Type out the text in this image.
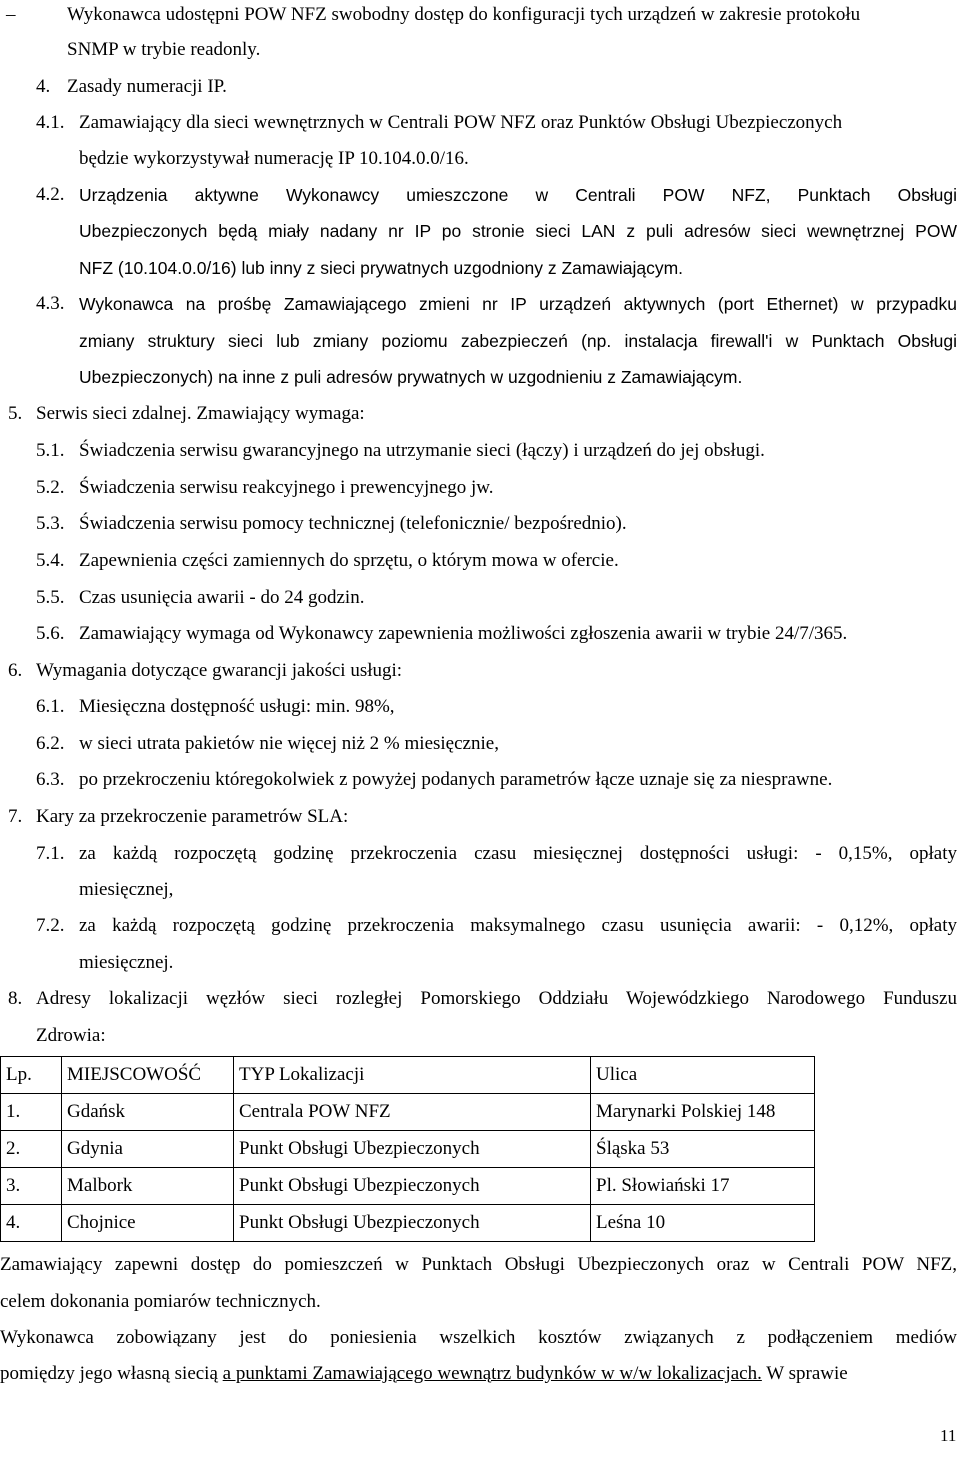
–	Wykonawca udostępni POW NFZ swobodny dostęp do konfiguracji tych urządzeń w zakresie protokołu
SNMP w trybie readonly.
4. Zasady numeracji IP.
4.1. Zamawiający dla sieci wewnętrznych w Centrali POW NFZ oraz Punktów Obsługi Ubezpieczonych
będzie wykorzystywał numerację IP 10.104.0.0/16.
4.2. Urządzenia aktywne Wykonawcy umieszczone w Centrali POW NFZ, Punktach Obsługi
Ubezpieczonych będą miały nadany nr IP po stronie sieci LAN z puli adresów sieci wewnętrznej POW
NFZ (10.104.0.0/16) lub inny z sieci prywatnych uzgodniony z Zamawiającym.
4.3. Wykonawca na prośbę Zamawiającego zmieni nr IP urządzeń aktywnych (port Ethernet) w przypadku
zmiany struktury sieci lub zmiany poziomu zabezpieczeń (np. instalacja firewall'i w Punktach Obsługi
Ubezpieczonych) na inne z puli adresów prywatnych w uzgodnieniu z Zamawiającym.
5. Serwis sieci zdalnej. Zmawiający wymaga:
5.1. Świadczenia serwisu gwarancyjnego na utrzymanie sieci (łączy) i urządzeń do jej obsługi.
5.2. Świadczenia serwisu reakcyjnego i prewencyjnego jw.
5.3. Świadczenia serwisu pomocy technicznej (telefonicznie/ bezpośrednio).
5.4. Zapewnienia części zamiennych do sprzętu, o którym mowa w ofercie.
5.5. Czas usunięcia awarii - do 24 godzin.
5.6. Zamawiający wymaga od Wykonawcy zapewnienia możliwości zgłoszenia awarii w trybie 24/7/365.
6. Wymagania dotyczące gwarancji jakości usługi:
6.1. Miesięczna dostępność usługi: min. 98%,
6.2. w sieci utrata pakietów nie więcej niż 2 % miesięcznie,
6.3. po przekroczeniu któregokolwiek z powyżej podanych parametrów łącze uznaje się za niesprawne.
7. Kary za przekroczenie parametrów SLA:
7.1. za każdą rozpoczętą godzinę przekroczenia czasu miesięcznej dostępności usługi: - 0,15%, opłaty
miesięcznej,
7.2. za każdą rozpoczętą godzinę przekroczenia maksymalnego czasu usunięcia awarii: - 0,12%, opłaty
miesięcznej.
8. Adresy lokalizacji węzłów sieci rozległej Pomorskiego Oddziału Wojewódzkiego Narodowego Funduszu
Zdrowia:
Lp.	MIEJSCOWOŚĆ	TYP Lokalizacji	Ulica
1.	Gdańsk	Centrala POW NFZ	Marynarki Polskiej 148
2.	Gdynia	Punkt Obsługi Ubezpieczonych	Śląska 53
3.	Malbork	Punkt Obsługi Ubezpieczonych	Pl. Słowiański 17
4.	Chojnice	Punkt Obsługi Ubezpieczonych	Leśna 10
Zamawiający zapewni dostęp do pomieszczeń w Punktach Obsługi Ubezpieczonych oraz w Centrali POW NFZ,
celem dokonania pomiarów technicznych.
Wykonawca zobowiązany jest do poniesienia wszelkich kosztów związanych z podłączeniem mediów
pomiędzy jego własną siecią a punktami Zamawiającego wewnątrz budynków w w/w lokalizacjach. W sprawie
11
